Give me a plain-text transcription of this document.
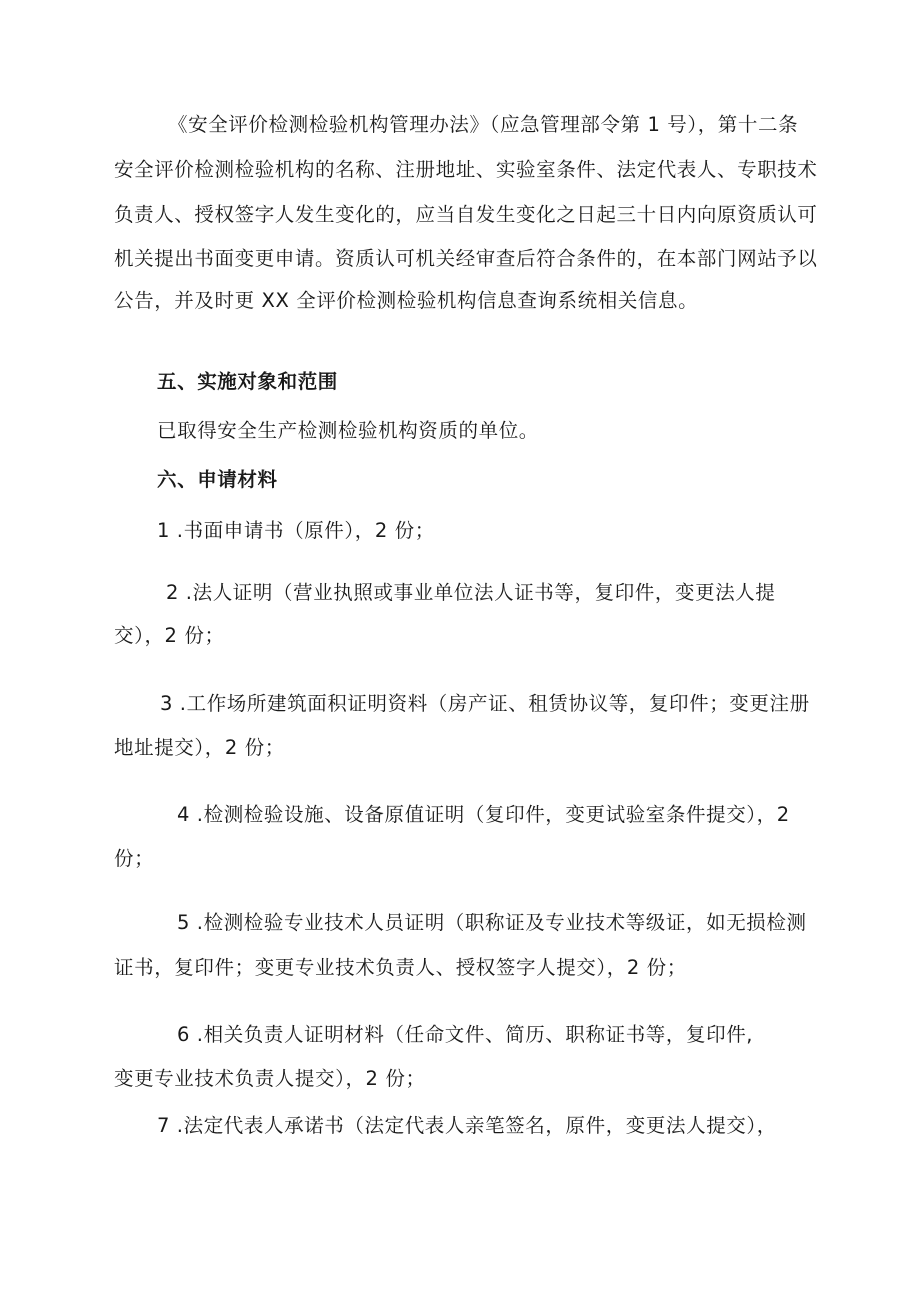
《安全评价检测检验机构管理办法》（应急管理部令第 1 号），第十二条
安全评价检测检验机构的名称、注册地址、实验室条件、法定代表人、专职技术
负责人、授权签字人发生变化的，应当自发生变化之日起三十日内向原资质认可
机关提出书面变更申请。资质认可机关经审查后符合条件的，在本部门网站予以
公告，并及时更 XX 全评价检测检验机构信息查询系统相关信息。
五、实施对象和范围
已取得安全生产检测检验机构资质的单位。
六、申请材料
1 .书面申请书（原件），2 份；
2 .法人证明（营业执照或事业单位法人证书等，复印件，变更法人提
交），2 份；
3 .工作场所建筑面积证明资料（房产证、租赁协议等，复印件；变更注册
地址提交），2 份；
4 .检测检验设施、设备原值证明（复印件，变更试验室条件提交），2
份；
5 .检测检验专业技术人员证明（职称证及专业技术等级证，如无损检测
证书，复印件；变更专业技术负责人、授权签字人提交），2 份；
6 .相关负责人证明材料（任命文件、简历、职称证书等，复印件,
变更专业技术负责人提交），2 份；
7 .法定代表人承诺书（法定代表人亲笔签名，原件，变更法人提交），
